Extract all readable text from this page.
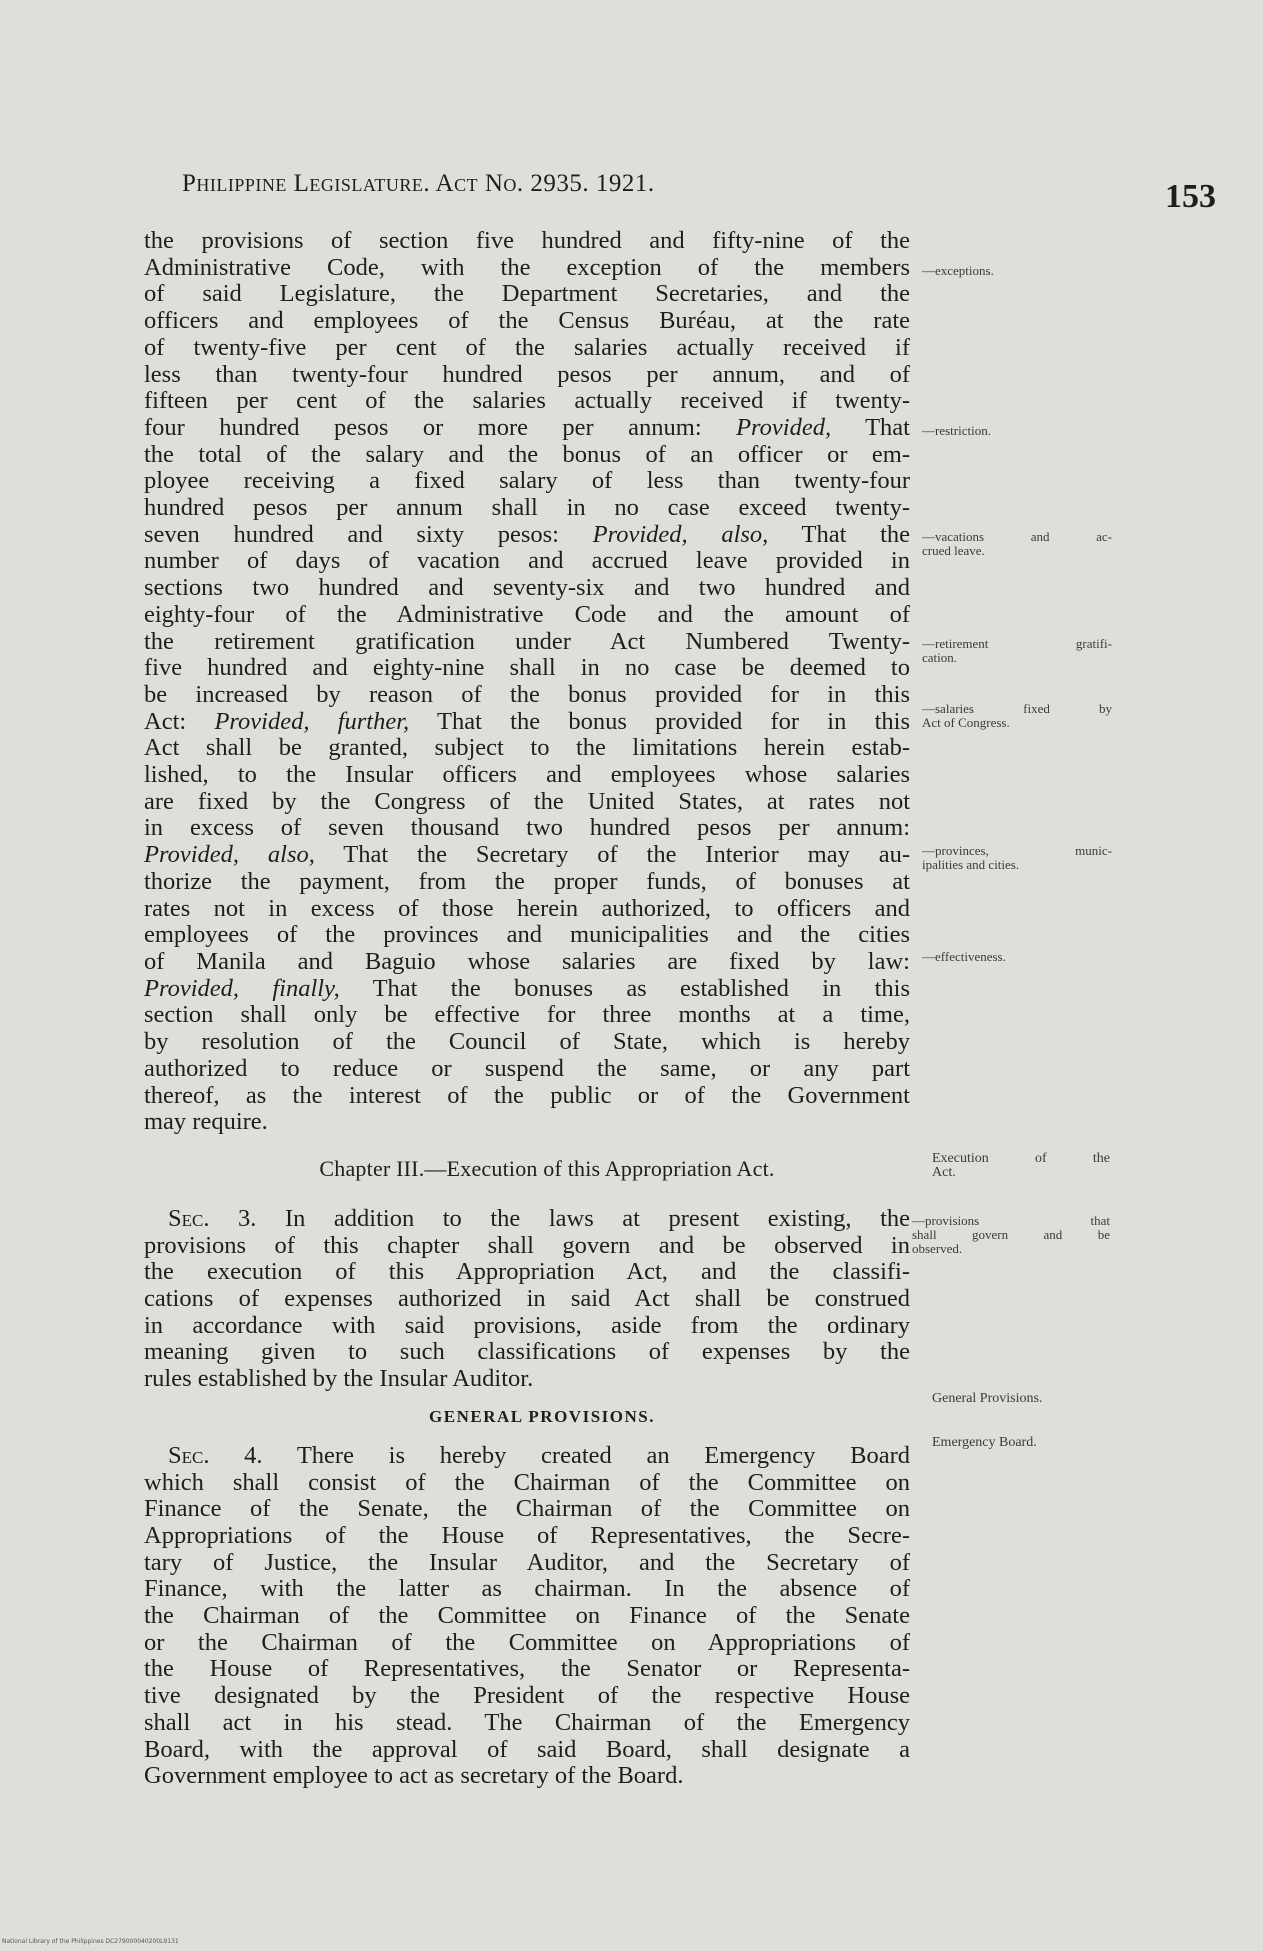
Philippine Legislature. Act No. 2935. 1921.	153
the provisions of section five hundred and fifty-nine of the
Administrative Code, with the exception of the members
of said Legislature, the Department Secretaries, and the
officers and employees of the Census Buréau, at the rate
of twenty-five per cent of the salaries actually received if
less than twenty-four hundred pesos per annum, and of
fifteen per cent of the salaries actually received if twenty-
four hundred pesos or more per annum: Provided, That
the total of the salary and the bonus of an officer or em-
ployee receiving a fixed salary of less than twenty-four
hundred pesos per annum shall in no case exceed twenty-
seven hundred and sixty pesos: Provided, also, That the
number of days of vacation and accrued leave provided in
sections two hundred and seventy-six and two hundred and
eighty-four of the Administrative Code and the amount of
the retirement gratification under Act Numbered Twenty-
five hundred and eighty-nine shall in no case be deemed to
be increased by reason of the bonus provided for in this
Act: Provided, further, That the bonus provided for in this
Act shall be granted, subject to the limitations herein estab-
lished, to the Insular officers and employees whose salaries
are fixed by the Congress of the United States, at rates not
in excess of seven thousand two hundred pesos per annum:
Provided, also, That the Secretary of the Interior may au-
thorize the payment, from the proper funds, of bonuses at
rates not in excess of those herein authorized, to officers and
employees of the provinces and municipalities and the cities
of Manila and Baguio whose salaries are fixed by law:
Provided, finally, That the bonuses as established in this
section shall only be effective for three months at a time,
by resolution of the Council of State, which is hereby
authorized to reduce or suspend the same, or any part
thereof, as the interest of the public or of the Government
may require.
Chapter III.—Execution of this Appropriation Act.
Sec. 3. In addition to the laws at present existing, the
provisions of this chapter shall govern and be observed in
the execution of this Appropriation Act, and the classifi-
cations of expenses authorized in said Act shall be construed
in accordance with said provisions, aside from the ordinary
meaning given to such classifications of expenses by the
rules established by the Insular Auditor.
GENERAL PROVISIONS.
Sec. 4. There is hereby created an Emergency Board
which shall consist of the Chairman of the Committee on
Finance of the Senate, the Chairman of the Committee on
Appropriations of the House of Representatives, the Secre-
tary of Justice, the Insular Auditor, and the Secretary of
Finance, with the latter as chairman. In the absence of
the Chairman of the Committee on Finance of the Senate
or the Chairman of the Committee on Appropriations of
the House of Representatives, the Senator or Representa-
tive designated by the President of the respective House
shall act in his stead. The Chairman of the Emergency
Board, with the approval of said Board, shall designate a
Government employee to act as secretary of the Board.
—exceptions.
—restriction.
—vacations and ac-
crued leave.
—retirement gratifi-
cation.
—salaries fixed by
Act of Congress.
—provinces, munic-
ipalities and cities.
—effectiveness.
Execution of the
Act.
—provisions that
shall govern and be
observed.
General Provisions.
Emergency Board.
National Library of the Philippines DC279000040200L9131
